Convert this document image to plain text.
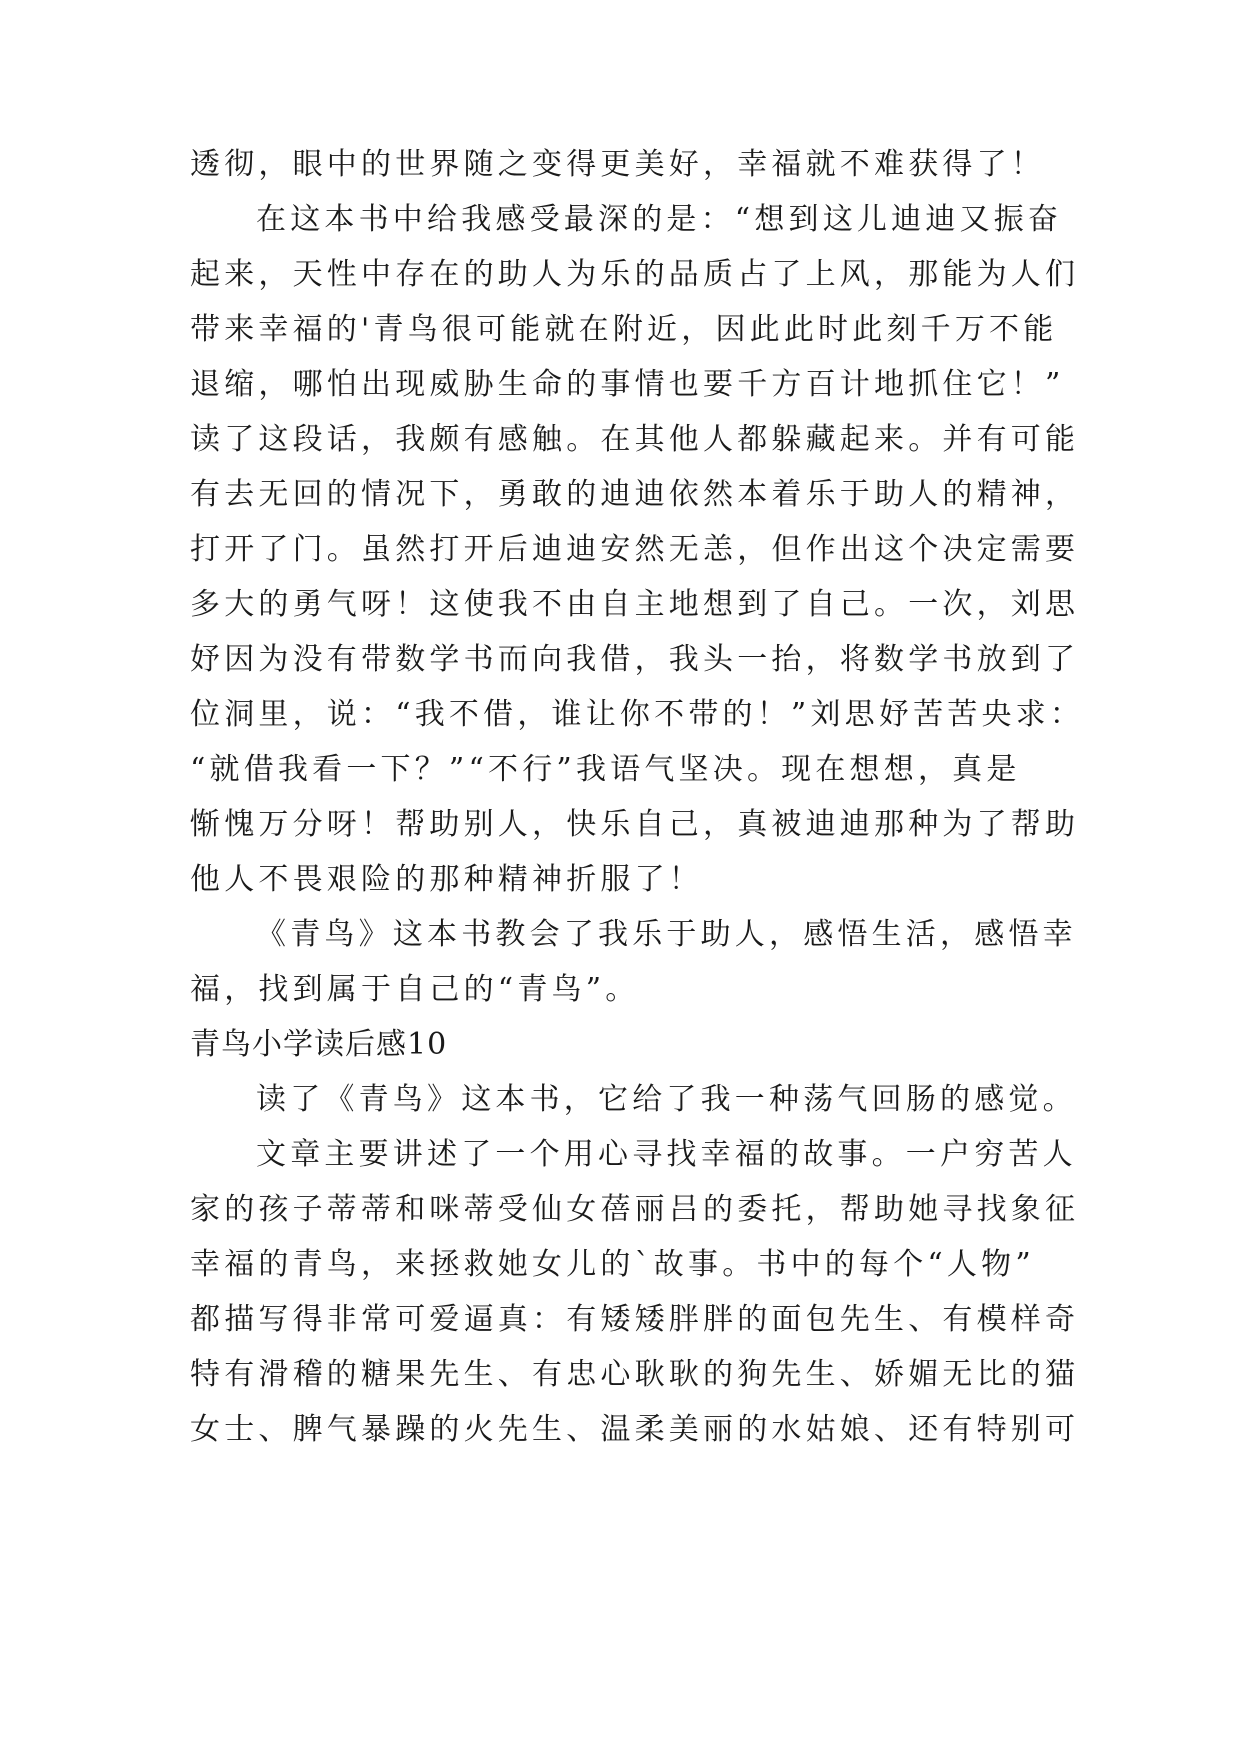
透彻，眼中的世界随之变得更美好，幸福就不难获得了！
在这本书中给我感受最深的是：“想到这儿迪迪又振奋
起来，天性中存在的助人为乐的品质占了上风，那能为人们
带来幸福的'青鸟很可能就在附近，因此此时此刻千万不能
退缩，哪怕出现威胁生命的事情也要千方百计地抓住它！”
读了这段话，我颇有感触。在其他人都躲藏起来。并有可能
有去无回的情况下，勇敢的迪迪依然本着乐于助人的精神，
打开了门。虽然打开后迪迪安然无恙，但作出这个决定需要
多大的勇气呀！这使我不由自主地想到了自己。一次，刘思
妤因为没有带数学书而向我借，我头一抬，将数学书放到了
位洞里，说：“我不借，谁让你不带的！”刘思妤苦苦央求：
“就借我看一下？”“不行”我语气坚决。现在想想，真是
惭愧万分呀！帮助别人，快乐自己，真被迪迪那种为了帮助
他人不畏艰险的那种精神折服了！
《青鸟》这本书教会了我乐于助人，感悟生活，感悟幸
福，找到属于自己的“青鸟”。
青鸟小学读后感10
读了《青鸟》这本书，它给了我一种荡气回肠的感觉。
文章主要讲述了一个用心寻找幸福的故事。一户穷苦人
家的孩子蒂蒂和咪蒂受仙女蓓丽吕的委托，帮助她寻找象征
幸福的青鸟，来拯救她女儿的`故事。书中的每个“人物”
都描写得非常可爱逼真：有矮矮胖胖的面包先生、有模样奇
特有滑稽的糖果先生、有忠心耿耿的狗先生、娇媚无比的猫
女士、脾气暴躁的火先生、温柔美丽的水姑娘、还有特别可
